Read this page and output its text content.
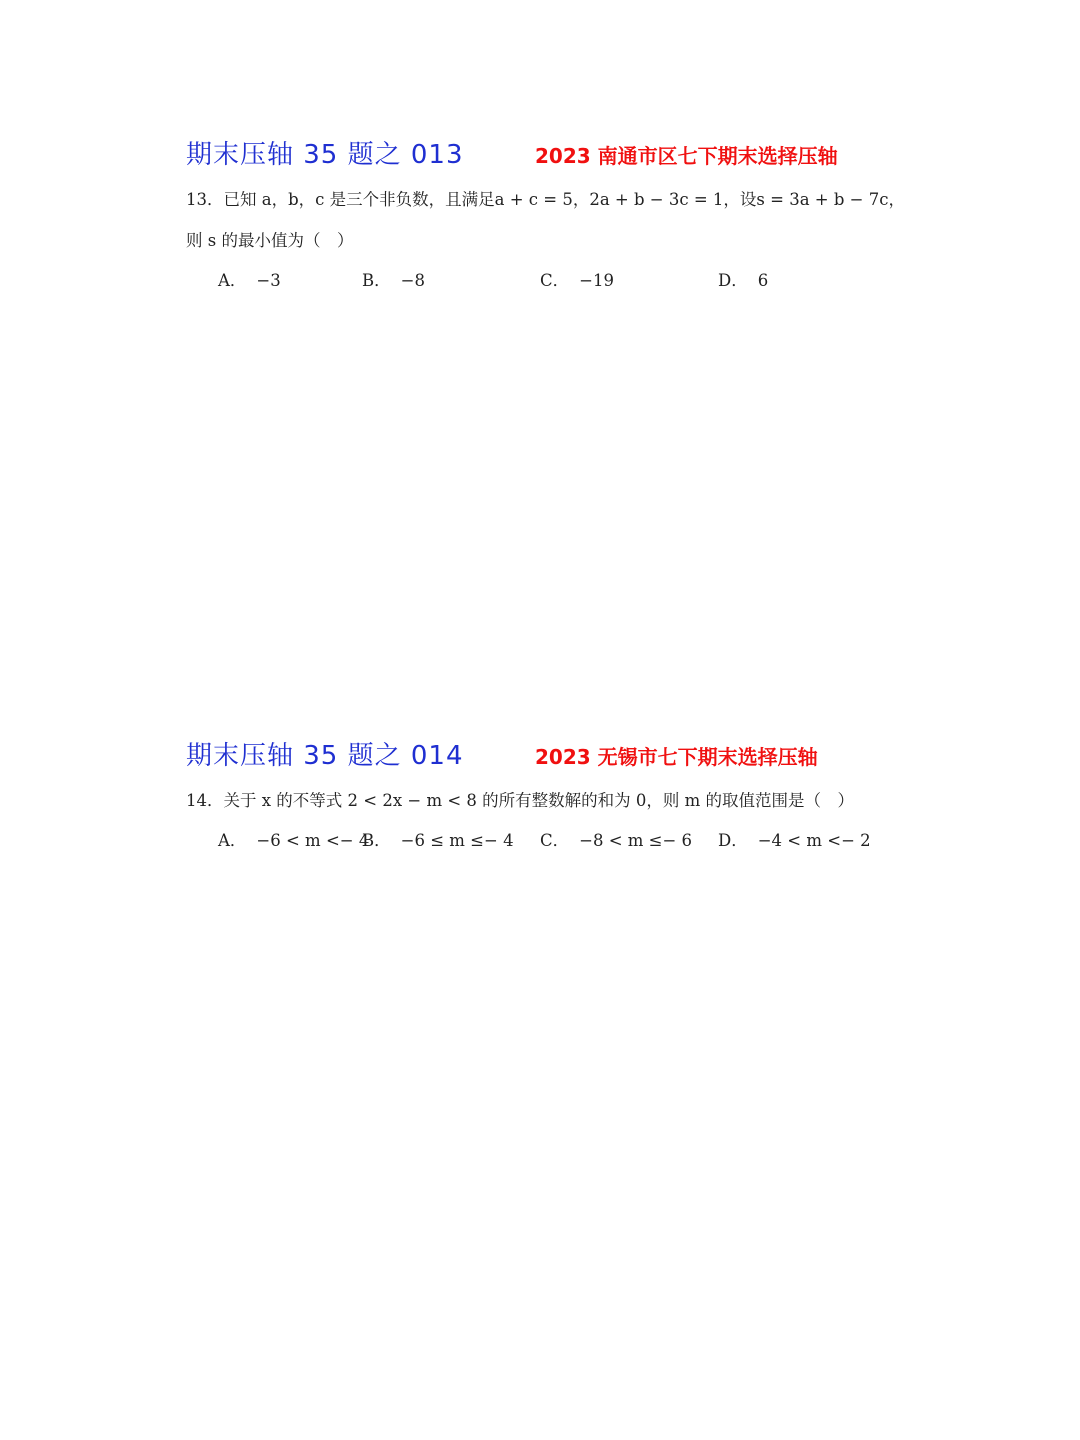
期末压轴 35 题之 013	2023 南通市区七下期末选择压轴
13．已知 a，b，c 是三个非负数，且满足a + c = 5，2a + b − 3c = 1，设s = 3a + b − 7c，
则 s 的最小值为（　）
A． −3	B． −8	C． −19	D． 6
期末压轴 35 题之 014	2023 无锡市七下期末选择压轴
14．关于 x 的不等式 2 < 2x − m < 8 的所有整数解的和为 0，则 m 的取值范围是（　）
A． −6 < m <− 4
B． −6 ≤ m ≤− 4 C． −8 < m ≤− 6 D． −4 < m <− 2
